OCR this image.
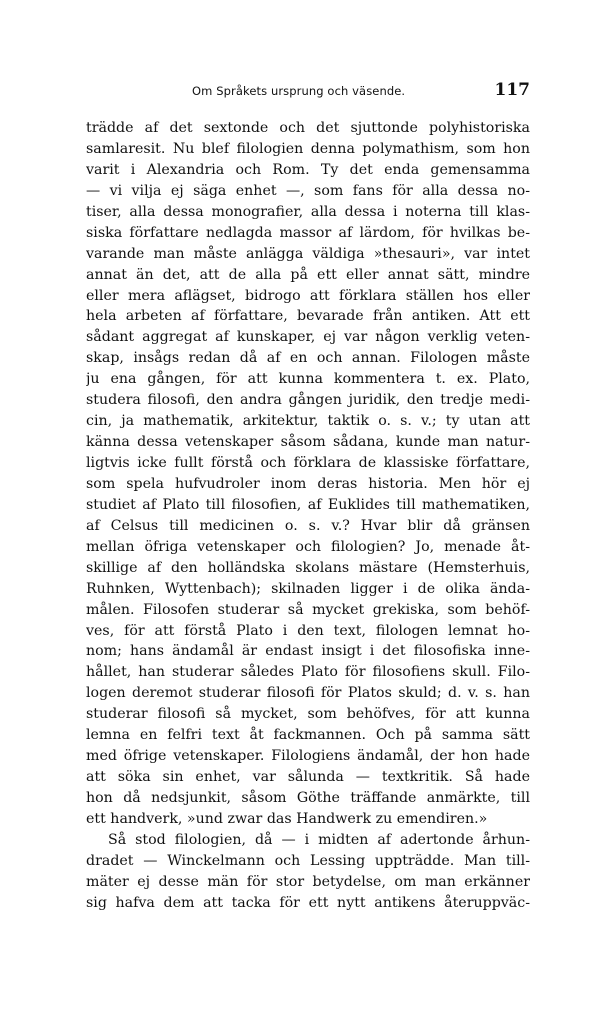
Om Språkets ursprung och väsende.	117
trädde af det sextonde och det sjuttonde polyhistoriska
samlaresit. Nu blef filologien denna polymathism, som hon
varit i Alexandria och Rom. Ty det enda gemensamma
— vi vilja ej säga enhet —, som fans för alla dessa no-
tiser, alla dessa monografier, alla dessa i noterna till klas-
siska författare nedlagda massor af lärdom, för hvilkas be-
varande man måste anlägga väldiga »thesauri», var intet
annat än det, att de alla på ett eller annat sätt, mindre
eller mera aflägset, bidrogo att förklara ställen hos eller
hela arbeten af författare, bevarade från antiken. Att ett
sådant aggregat af kunskaper, ej var någon verklig veten-
skap, insågs redan då af en och annan. Filologen måste
ju ena gången, för att kunna kommentera t. ex. Plato,
studera filosofi, den andra gången juridik, den tredje medi-
cin, ja mathematik, arkitektur, taktik o. s. v.; ty utan att
känna dessa vetenskaper såsom sådana, kunde man natur-
ligtvis icke fullt förstå och förklara de klassiske författare,
som spela hufvudroler inom deras historia. Men hör ej
studiet af Plato till filosofien, af Euklides till mathematiken,
af Celsus till medicinen o. s. v.? Hvar blir då gränsen
mellan öfriga vetenskaper och filologien? Jo, menade åt-
skillige af den holländska skolans mästare (Hemsterhuis,
Ruhnken, Wyttenbach); skilnaden ligger i de olika ända-
målen. Filosofen studerar så mycket grekiska, som behöf-
ves, för att förstå Plato i den text, filologen lemnat ho-
nom; hans ändamål är endast insigt i det filosofiska inne-
hållet, han studerar således Plato för filosofiens skull. Filo-
logen deremot studerar filosofi för Platos skuld; d. v. s. han
studerar filosofi så mycket, som behöfves, för att kunna
lemna en felfri text åt fackmannen. Och på samma sätt
med öfrige vetenskaper. Filologiens ändamål, der hon hade
att söka sin enhet, var sålunda — textkritik. Så hade
hon då nedsjunkit, såsom Göthe träffande anmärkte, till
ett handverk, »und zwar das Handwerk zu emendiren.»
Så stod filologien, då — i midten af adertonde århun-
dradet — Winckelmann och Lessing uppträdde. Man till-
mäter ej desse män för stor betydelse, om man erkänner
sig hafva dem att tacka för ett nytt antikens återuppväc-
